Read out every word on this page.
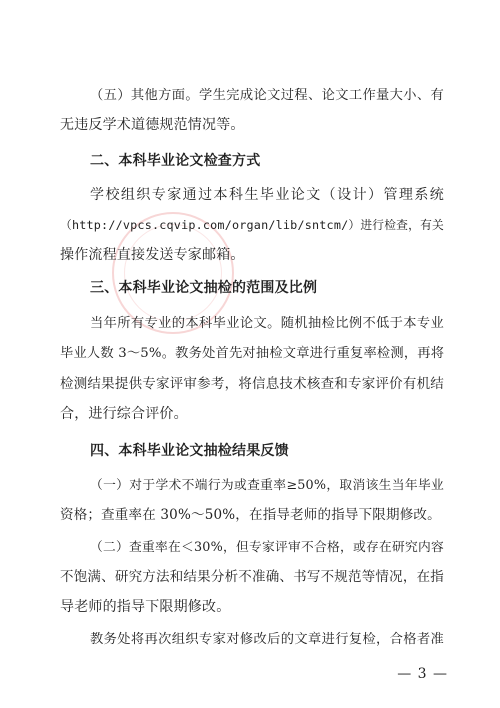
（五）其他方面。学生完成论文过程、论文工作量大小、有
无违反学术道德规范情况等。
二、本科毕业论文检查方式
学校组织专家通过本科生毕业论文（设计）管理系统
（http://vpcs.cqvip.com/organ/lib/sntcm/）进行检查，有关
操作流程直接发送专家邮箱。
三、本科毕业论文抽检的范围及比例
当年所有专业的本科毕业论文。随机抽检比例不低于本专业
毕业人数 3～5%。教务处首先对抽检文章进行重复率检测，再将
检测结果提供专家评审参考，将信息技术核查和专家评价有机结
合，进行综合评价。
四、本科毕业论文抽检结果反馈
（一）对于学术不端行为或查重率≥50%，取消该生当年毕业
资格；查重率在 30%～50%，在指导老师的指导下限期修改。
（二）查重率在＜30%，但专家评审不合格，或存在研究内容
不饱满、研究方法和结果分析不准确、书写不规范等情况，在指
导老师的指导下限期修改。
教务处将再次组织专家对修改后的文章进行复检，合格者准
— 3 —
